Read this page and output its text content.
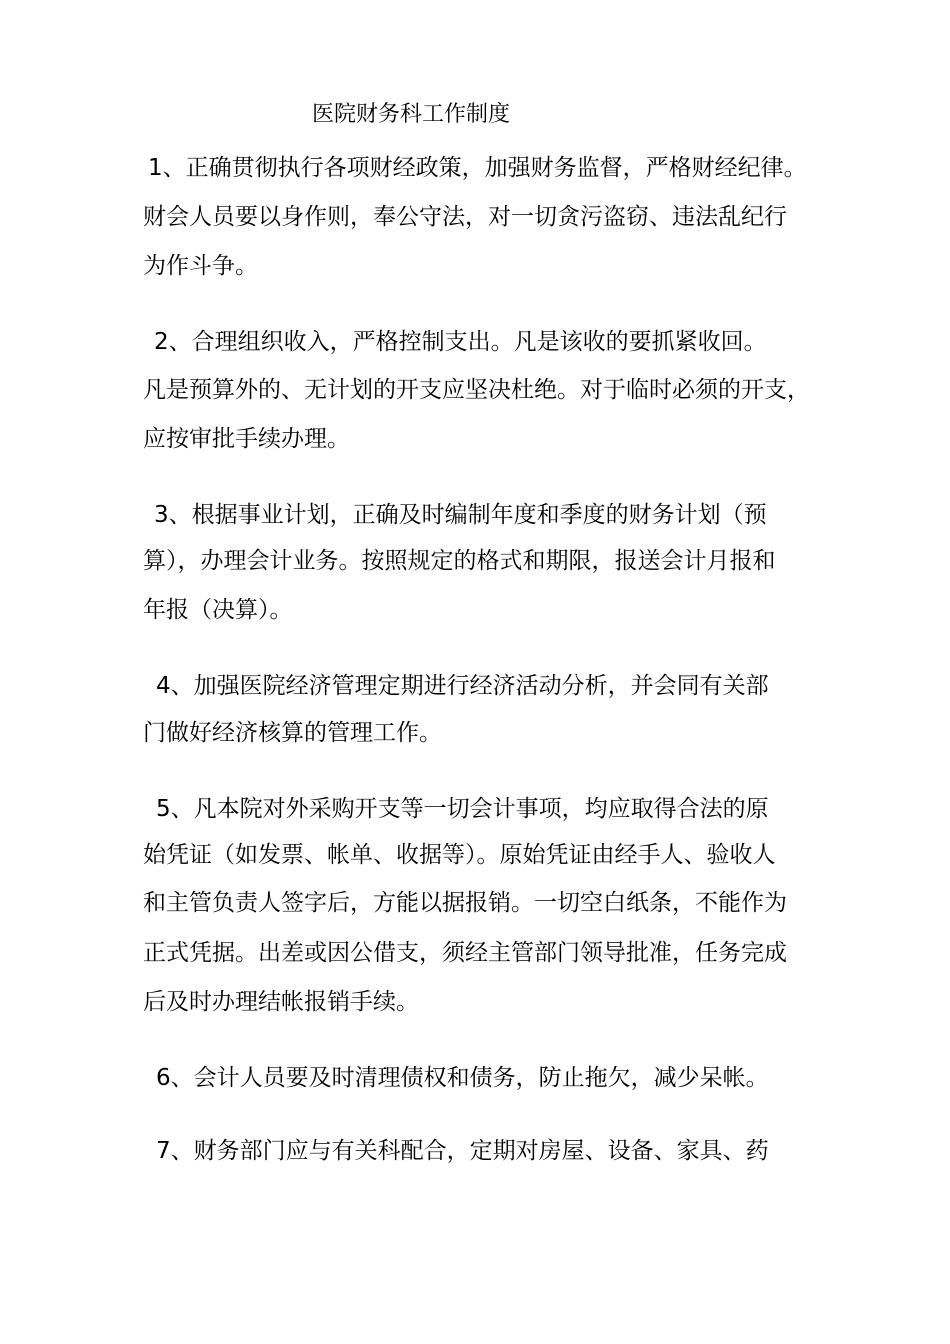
医院财务科工作制度
1、正确贯彻执行各项财经政策，加强财务监督，严格财经纪律。
财会人员要以身作则，奉公守法，对一切贪污盗窃、违法乱纪行
为作斗争。
2、合理组织收入，严格控制支出。凡是该收的要抓紧收回。
凡是预算外的、无计划的开支应坚决杜绝。对于临时必须的开支，
应按审批手续办理。
3、根据事业计划，正确及时编制年度和季度的财务计划（预
算），办理会计业务。按照规定的格式和期限，报送会计月报和
年报（决算）。
4、加强医院经济管理定期进行经济活动分析，并会同有关部
门做好经济核算的管理工作。
5、凡本院对外采购开支等一切会计事项，均应取得合法的原
始凭证（如发票、帐单、收据等）。原始凭证由经手人、验收人
和主管负责人签字后，方能以据报销。一切空白纸条，不能作为
正式凭据。出差或因公借支，须经主管部门领导批准，任务完成
后及时办理结帐报销手续。
6、会计人员要及时清理债权和债务，防止拖欠，减少呆帐。
7、财务部门应与有关科配合，定期对房屋、设备、家具、药
